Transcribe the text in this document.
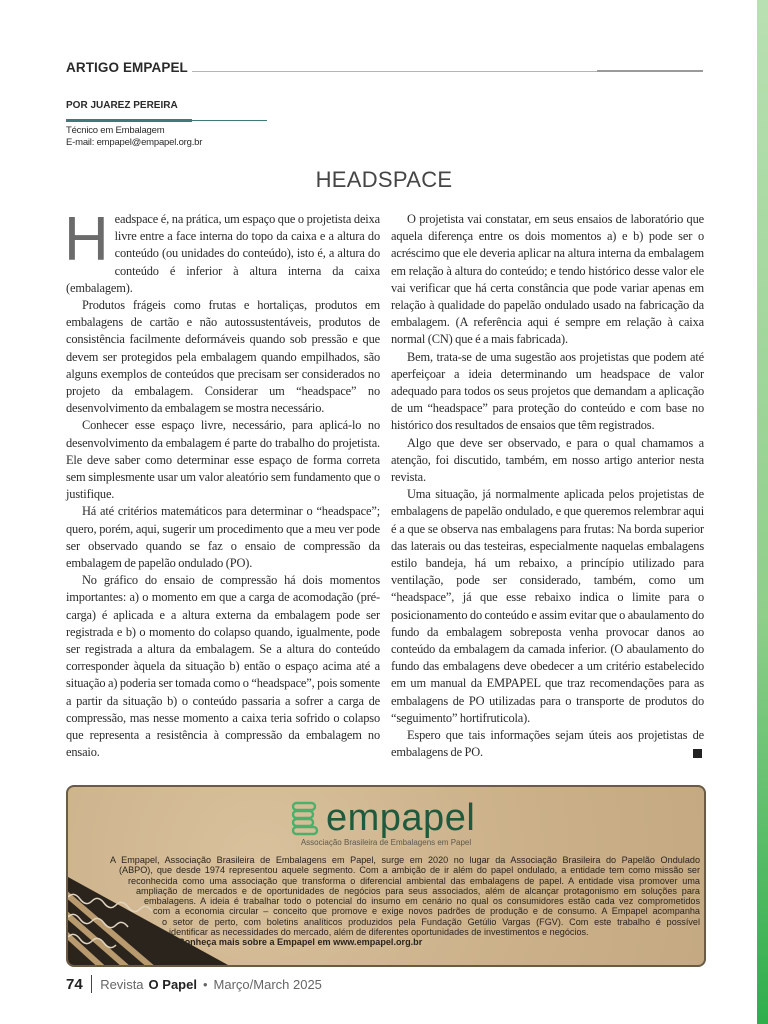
ARTIGO EMPAPEL
POR JUAREZ PEREIRA
Técnico em Embalagem
E-mail: empapel@empapel.org.br
HEADSPACE

Headspace é, na prática, um espaço que o projetista deixa livre entre a face interna do topo da caixa e a altura do conteúdo (ou unidades do conteúdo), isto é, a altura do conteúdo é inferior à altura interna da caixa (embalagem).

Produtos frágeis como frutas e hortaliças, produtos em embalagens de cartão e não autossustentáveis, produtos de consistência facilmente deformáveis quando sob pressão e que devem ser protegidos pela embalagem quando empilhados, são alguns exemplos de conteúdos que precisam ser considerados no projeto da embalagem. Considerar um “headspace” no desenvolvimento da embalagem se mostra necessário.

Conhecer esse espaço livre, necessário, para aplicá-lo no desenvolvimento da embalagem é parte do trabalho do projetista. Ele deve saber como determinar esse espaço de forma correta sem simplesmente usar um valor aleatório sem fundamento que o justifique.

Há até critérios matemáticos para determinar o “headspace”; quero, porém, aqui, sugerir um procedimento que a meu ver pode ser observado quando se faz o ensaio de compressão da embalagem de papelão ondulado (PO).

No gráfico do ensaio de compressão há dois momentos importantes: a) o momento em que a carga de acomodação (pré-carga) é aplicada e a altura externa da embalagem pode ser registrada e b) o momento do colapso quando, igualmente, pode ser registrada a altura da embalagem. Se a altura do conteúdo corresponder àquela da situação b) então o espaço acima até a situação a) poderia ser tomada como o “headspace”, pois somente a partir da situação b) o conteúdo passaria a sofrer a carga de compressão, mas nesse momento a caixa teria sofrido o colapso que representa a resistência à compressão da embalagem no ensaio.

O projetista vai constatar, em seus ensaios de laboratório que aquela diferença entre os dois momentos a) e b) pode ser o acréscimo que ele deveria aplicar na altura interna da embalagem em relação à altura do conteúdo; e tendo histórico desse valor ele vai verificar que há certa constância que pode variar apenas em relação à qualidade do papelão ondulado usado na fabricação da embalagem. (A referência aqui é sempre em relação à caixa normal (CN) que é a mais fabricada).

Bem, trata-se de uma sugestão aos projetistas que podem até aperfeiçoar a ideia determinando um headspace de valor adequado para todos os seus projetos que demandam a aplicação de um “headspace” para proteção do conteúdo e com base no histórico dos resultados de ensaios que têm registrados.

Algo que deve ser observado, e para o qual chamamos a atenção, foi discutido, também, em nosso artigo anterior nesta revista.

Uma situação, já normalmente aplicada pelos projetistas de embalagens de papelão ondulado, e que queremos relembrar aqui é a que se observa nas embalagens para frutas: Na borda superior das laterais ou das testeiras, especialmente naquelas embalagens estilo bandeja, há um rebaixo, a princípio utilizado para ventilação, pode ser considerado, também, como um “headspace”, já que esse rebaixo indica o limite para o posicionamento do conteúdo e assim evitar que o abaulamento do fundo da embalagem sobreposta venha provocar danos ao conteúdo da embalagem da camada inferior. (O abaulamento do fundo das embalagens deve obedecer a um critério estabelecido em um manual da EMPAPEL que traz recomendações para as embalagens de PO utilizadas para o transporte de produtos do “seguimento” hortifruticola).

Espero que tais informações sejam úteis aos projetistas de embalagens de PO.

empapel
Associação Brasileira de Embalagens em Papel
A Empapel, Associação Brasileira de Embalagens em Papel, surge em 2020 no lugar da Associação Brasileira do Papelão Ondulado
(ABPO), que desde 1974 representou aquele segmento. Com a ambição de ir além do papel ondulado, a entidade tem como missão ser
reconhecida como uma associação que transforma o diferencial ambiental das embalagens de papel. A entidade visa promover uma
ampliação de mercados e de oportunidades de negócios para seus associados, além de alcançar protagonismo em soluções para
embalagens. A ideia é trabalhar todo o potencial do insumo em cenário no qual os consumidores estão cada vez comprometidos
com a economia circular – conceito que promove e exige novos padrões de produção e de consumo. A Empapel acompanha
o setor de perto, com boletins analíticos produzidos pela Fundação Getúlio Vargas (FGV). Com este trabalho é possível
identificar as necessidades do mercado, além de diferentes oportunidades de investimentos e negócios.
Conheça mais sobre a Empapel em www.empapel.org.br
74 Revista O Papel • Março/March 2025
